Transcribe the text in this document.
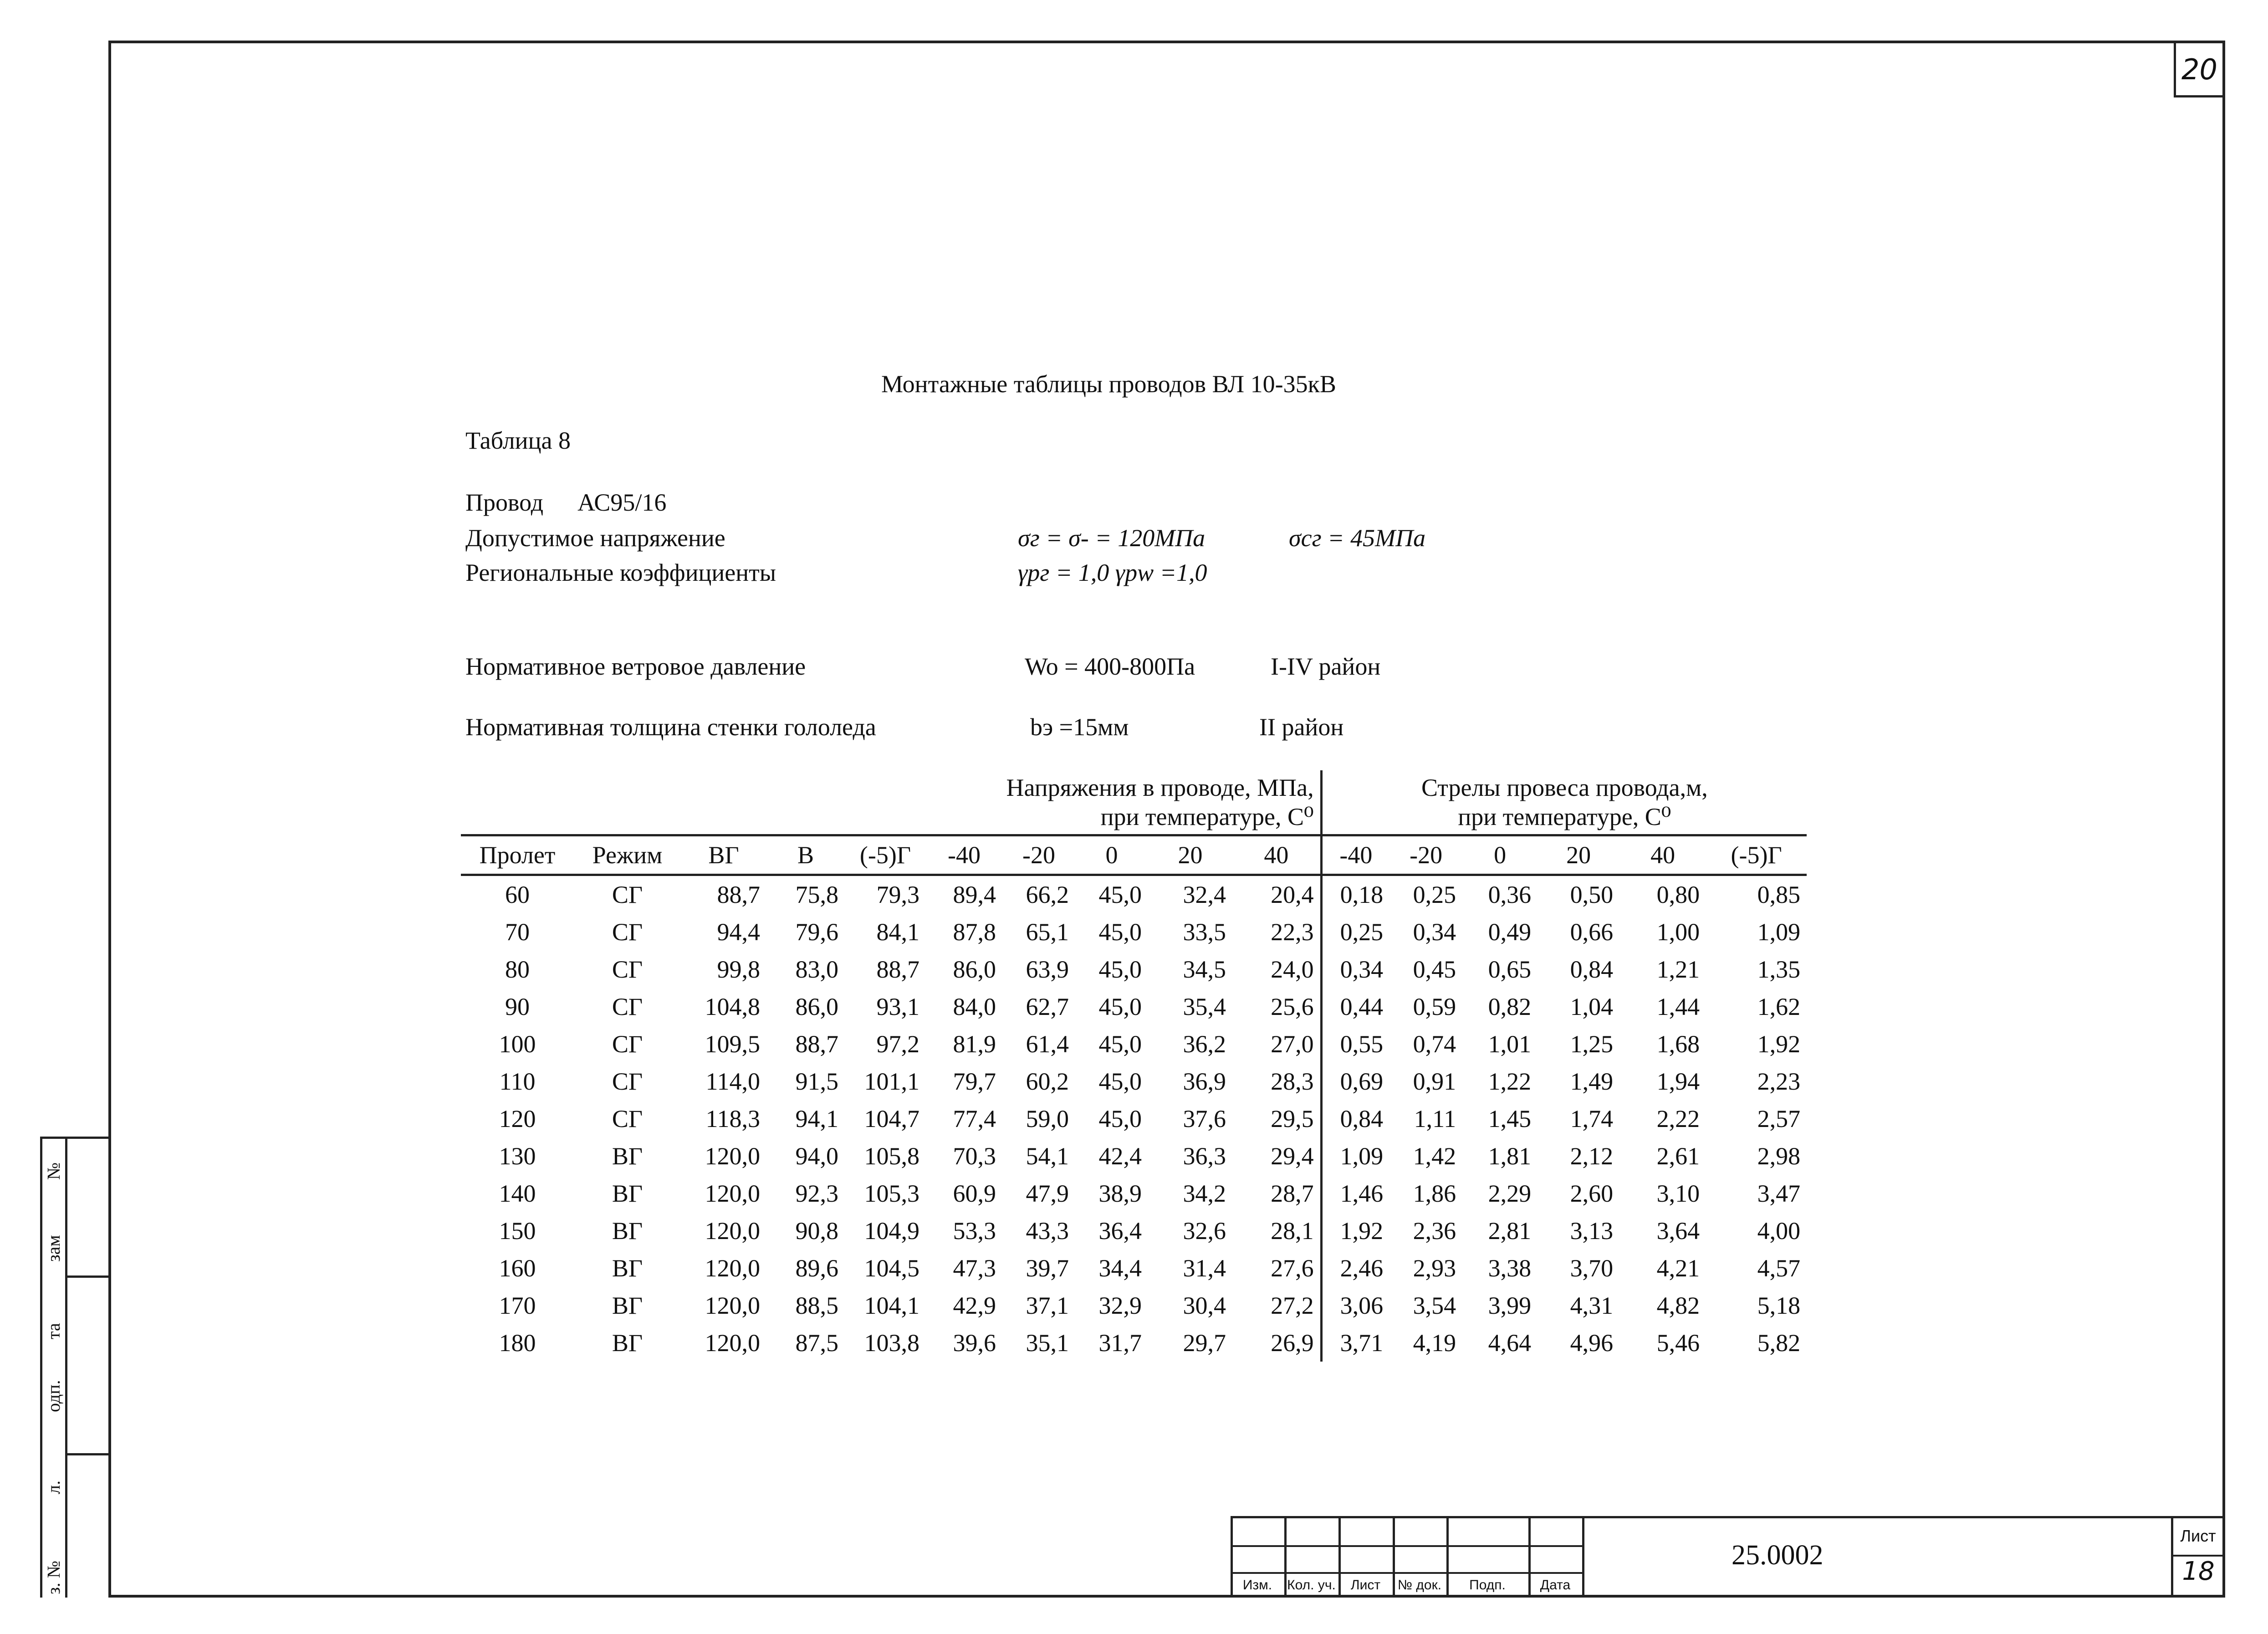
20
Монтажные таблицы проводов ВЛ 10-35кВ
Таблица 8
Провод АС95/16
Допустимое напряжение	σг = σ- = 120МПа	σcг = 45МПа
Региональные коэффициенты	γрг = 1,0 γрw =1,0
Нормативное ветровое давление	Wo = 400-800Па	I-IV район
Нормативная толщина стенки гололеда	bэ =15мм	II район
Напряжения в проводе, МПа,
при температуре, С⁰										Стрелы провеса провода,м,
при температуре, С⁰					
Пролет	Режим	ВГ	В	(-5)Г	-40	-20	0	20	40	-40	-20	0	20	40	(-5)Г
60	СГ	88,7	75,8	79,3	89,4	66,2	45,0	32,4	20,4	0,18	0,25	0,36	0,50	0,80	0,85
70	СГ	94,4	79,6	84,1	87,8	65,1	45,0	33,5	22,3	0,25	0,34	0,49	0,66	1,00	1,09
80	СГ	99,8	83,0	88,7	86,0	63,9	45,0	34,5	24,0	0,34	0,45	0,65	0,84	1,21	1,35
90	СГ	104,8	86,0	93,1	84,0	62,7	45,0	35,4	25,6	0,44	0,59	0,82	1,04	1,44	1,62
100	СГ	109,5	88,7	97,2	81,9	61,4	45,0	36,2	27,0	0,55	0,74	1,01	1,25	1,68	1,92
110	СГ	114,0	91,5	101,1	79,7	60,2	45,0	36,9	28,3	0,69	0,91	1,22	1,49	1,94	2,23
120	СГ	118,3	94,1	104,7	77,4	59,0	45,0	37,6	29,5	0,84	1,11	1,45	1,74	2,22	2,57
130	ВГ	120,0	94,0	105,8	70,3	54,1	42,4	36,3	29,4	1,09	1,42	1,81	2,12	2,61	2,98
140	ВГ	120,0	92,3	105,3	60,9	47,9	38,9	34,2	28,7	1,46	1,86	2,29	2,60	3,10	3,47
150	ВГ	120,0	90,8	104,9	53,3	43,3	36,4	32,6	28,1	1,92	2,36	2,81	3,13	3,64	4,00
160	ВГ	120,0	89,6	104,5	47,3	39,7	34,4	31,4	27,6	2,46	2,93	3,38	3,70	4,21	4,57
170	ВГ	120,0	88,5	104,1	42,9	37,1	32,9	30,4	27,2	3,06	3,54	3,99	4,31	4,82	5,18
180	ВГ	120,0	87,5	103,8	39,6	35,1	31,7	29,7	26,9	3,71	4,19	4,64	4,96	5,46	5,82
з. №
л.
одп.
та
зам
№
Изм.	Кол. уч.	Лист	№ док.	Подп.	Дата
25.0002
Лист
18
